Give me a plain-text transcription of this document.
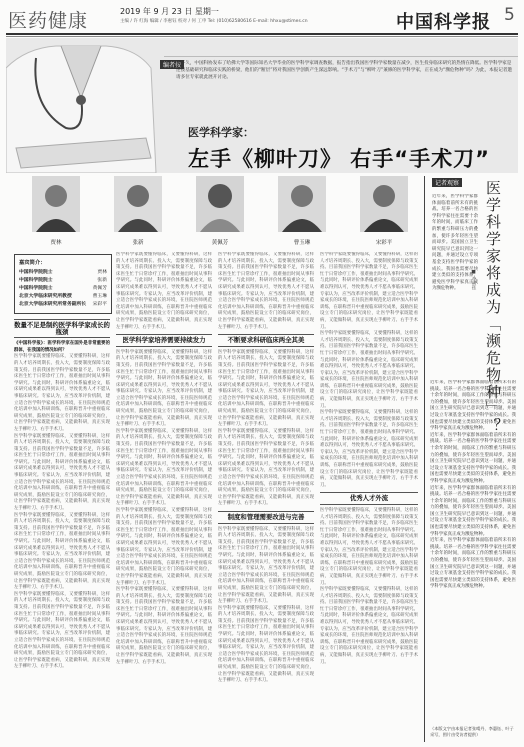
医药健康	2019 年 9 月 23 日 星期一
主编 / 许 红海 编辑 / 李惠钰 校对 / 何 工申 Tel: (010)62580616 E-mail: hhxu@stimes.cn	中国科学报 5
编者按
前不久，中国科协发布了哈佛大学等国际知名大学毕业的医学科学家调查数据，报告指出我国医学科学家数量在减少，医生投身临床研究的热情在降低。医学科学家是连接基础研究和临床实践的桥梁，他们的“断层”将对我国医学创新产生深远影响。“手术刀”与“柳叶刀”兼修的医学科学家，正在成为“濒危物种”吗？为此，本报记者邀请多位专家就此展开讨论。
医学科学家：
左手《柳叶刀》 右手“手术刀”
贾林	张新	黄佩芳	曹玉琳	宋彩平
嘉宾简介：
中国科学院院士	贾林
中国科学院院士	张新
中国科学院院士	黄佩芳
北京大学临床研究所教授	曹玉琳
北京大学临床研究所常务副所长 宋彩平
数量不足是制约医学科学家成长的瓶颈
《中国科学报》：医学科学家在国外是非常重要的群体，在我国的情况如何？
医学科学家既要懂得临床，又要懂得科研，这样的人才培养周期长、投入大，需要制度保障与政策支持。目前我国医学科学家数量不足，许多临床医生忙于日常诊疗工作，很难抽出时间从事科学研究。与此同时，科研评价体系偏重论文，临床研究成果难以得到认可，导致优秀人才不愿从事临床研究。专家认为，应当改革评价机制，建立适合医学科学家成长的环境，在住院医师规范化培训中加入科研训练，在职称晋升中重视临床研究成果，鼓励医院设立专门的临床研究岗位，让医学科学家既能看病，又能做科研，真正实现左手柳叶刀、右手手术刀。
医学科学家既要懂得临床，又要懂得科研，这样的人才培养周期长、投入大，需要制度保障与政策支持。目前我国医学科学家数量不足，许多临床医生忙于日常诊疗工作，很难抽出时间从事科学研究。与此同时，科研评价体系偏重论文，临床研究成果难以得到认可，导致优秀人才不愿从事临床研究。专家认为，应当改革评价机制，建立适合医学科学家成长的环境，在住院医师规范化培训中加入科研训练，在职称晋升中重视临床研究成果，鼓励医院设立专门的临床研究岗位，让医学科学家既能看病，又能做科研，真正实现左手柳叶刀、右手手术刀。
医学科学家既要懂得临床，又要懂得科研，这样的人才培养周期长、投入大，需要制度保障与政策支持。目前我国医学科学家数量不足，许多临床医生忙于日常诊疗工作，很难抽出时间从事科学研究。与此同时，科研评价体系偏重论文，临床研究成果难以得到认可，导致优秀人才不愿从事临床研究。专家认为，应当改革评价机制，建立适合医学科学家成长的环境，在住院医师规范化培训中加入科研训练，在职称晋升中重视临床研究成果，鼓励医院设立专门的临床研究岗位，让医学科学家既能看病，又能做科研，真正实现左手柳叶刀、右手手术刀。
医学科学家既要懂得临床，又要懂得科研，这样的人才培养周期长、投入大，需要制度保障与政策支持。目前我国医学科学家数量不足，许多临床医生忙于日常诊疗工作，很难抽出时间从事科学研究。与此同时，科研评价体系偏重论文，临床研究成果难以得到认可，导致优秀人才不愿从事临床研究。专家认为，应当改革评价机制，建立适合医学科学家成长的环境，在住院医师规范化培训中加入科研训练，在职称晋升中重视临床研究成果，鼓励医院设立专门的临床研究岗位，让医学科学家既能看病，又能做科研，真正实现左手柳叶刀、右手手术刀。
医学科学家既要懂得临床，又要懂得科研，这样的人才培养周期长、投入大，需要制度保障与政策支持。目前我国医学科学家数量不足，许多临床医生忙于日常诊疗工作，很难抽出时间从事科学研究。与此同时，科研评价体系偏重论文，临床研究成果难以得到认可，导致优秀人才不愿从事临床研究。专家认为，应当改革评价机制，建立适合医学科学家成长的环境，在住院医师规范化培训中加入科研训练，在职称晋升中重视临床研究成果，鼓励医院设立专门的临床研究岗位，让医学科学家既能看病，又能做科研，真正实现左手柳叶刀、右手手术刀。
医学科学家培养需要持续发力
医学科学家既要懂得临床，又要懂得科研，这样的人才培养周期长、投入大，需要制度保障与政策支持。目前我国医学科学家数量不足，许多临床医生忙于日常诊疗工作，很难抽出时间从事科学研究。与此同时，科研评价体系偏重论文，临床研究成果难以得到认可，导致优秀人才不愿从事临床研究。专家认为，应当改革评价机制，建立适合医学科学家成长的环境，在住院医师规范化培训中加入科研训练，在职称晋升中重视临床研究成果，鼓励医院设立专门的临床研究岗位，让医学科学家既能看病，又能做科研，真正实现左手柳叶刀、右手手术刀。
医学科学家既要懂得临床，又要懂得科研，这样的人才培养周期长、投入大，需要制度保障与政策支持。目前我国医学科学家数量不足，许多临床医生忙于日常诊疗工作，很难抽出时间从事科学研究。与此同时，科研评价体系偏重论文，临床研究成果难以得到认可，导致优秀人才不愿从事临床研究。专家认为，应当改革评价机制，建立适合医学科学家成长的环境，在住院医师规范化培训中加入科研训练，在职称晋升中重视临床研究成果，鼓励医院设立专门的临床研究岗位，让医学科学家既能看病，又能做科研，真正实现左手柳叶刀、右手手术刀。
医学科学家既要懂得临床，又要懂得科研，这样的人才培养周期长、投入大，需要制度保障与政策支持。目前我国医学科学家数量不足，许多临床医生忙于日常诊疗工作，很难抽出时间从事科学研究。与此同时，科研评价体系偏重论文，临床研究成果难以得到认可，导致优秀人才不愿从事临床研究。专家认为，应当改革评价机制，建立适合医学科学家成长的环境，在住院医师规范化培训中加入科研训练，在职称晋升中重视临床研究成果，鼓励医院设立专门的临床研究岗位，让医学科学家既能看病，又能做科研，真正实现左手柳叶刀、右手手术刀。
医学科学家既要懂得临床，又要懂得科研，这样的人才培养周期长、投入大，需要制度保障与政策支持。目前我国医学科学家数量不足，许多临床医生忙于日常诊疗工作，很难抽出时间从事科学研究。与此同时，科研评价体系偏重论文，临床研究成果难以得到认可，导致优秀人才不愿从事临床研究。专家认为，应当改革评价机制，建立适合医学科学家成长的环境，在住院医师规范化培训中加入科研训练，在职称晋升中重视临床研究成果，鼓励医院设立专门的临床研究岗位，让医学科学家既能看病，又能做科研，真正实现左手柳叶刀、右手手术刀。
医学科学家既要懂得临床，又要懂得科研，这样的人才培养周期长、投入大，需要制度保障与政策支持。目前我国医学科学家数量不足，许多临床医生忙于日常诊疗工作，很难抽出时间从事科学研究。与此同时，科研评价体系偏重论文，临床研究成果难以得到认可，导致优秀人才不愿从事临床研究。专家认为，应当改革评价机制，建立适合医学科学家成长的环境，在住院医师规范化培训中加入科研训练，在职称晋升中重视临床研究成果，鼓励医院设立专门的临床研究岗位，让医学科学家既能看病，又能做科研，真正实现左手柳叶刀、右手手术刀。
不断要求科研临床两全其美
医学科学家既要懂得临床，又要懂得科研，这样的人才培养周期长、投入大，需要制度保障与政策支持。目前我国医学科学家数量不足，许多临床医生忙于日常诊疗工作，很难抽出时间从事科学研究。与此同时，科研评价体系偏重论文，临床研究成果难以得到认可，导致优秀人才不愿从事临床研究。专家认为，应当改革评价机制，建立适合医学科学家成长的环境，在住院医师规范化培训中加入科研训练，在职称晋升中重视临床研究成果，鼓励医院设立专门的临床研究岗位，让医学科学家既能看病，又能做科研，真正实现左手柳叶刀、右手手术刀。
医学科学家既要懂得临床，又要懂得科研，这样的人才培养周期长、投入大，需要制度保障与政策支持。目前我国医学科学家数量不足，许多临床医生忙于日常诊疗工作，很难抽出时间从事科学研究。与此同时，科研评价体系偏重论文，临床研究成果难以得到认可，导致优秀人才不愿从事临床研究。专家认为，应当改革评价机制，建立适合医学科学家成长的环境，在住院医师规范化培训中加入科研训练，在职称晋升中重视临床研究成果，鼓励医院设立专门的临床研究岗位，让医学科学家既能看病，又能做科研，真正实现左手柳叶刀、右手手术刀。
制度和管理需要改进与完善
医学科学家既要懂得临床，又要懂得科研，这样的人才培养周期长、投入大，需要制度保障与政策支持。目前我国医学科学家数量不足，许多临床医生忙于日常诊疗工作，很难抽出时间从事科学研究。与此同时，科研评价体系偏重论文，临床研究成果难以得到认可，导致优秀人才不愿从事临床研究。专家认为，应当改革评价机制，建立适合医学科学家成长的环境，在住院医师规范化培训中加入科研训练，在职称晋升中重视临床研究成果，鼓励医院设立专门的临床研究岗位，让医学科学家既能看病，又能做科研，真正实现左手柳叶刀、右手手术刀。
医学科学家既要懂得临床，又要懂得科研，这样的人才培养周期长、投入大，需要制度保障与政策支持。目前我国医学科学家数量不足，许多临床医生忙于日常诊疗工作，很难抽出时间从事科学研究。与此同时，科研评价体系偏重论文，临床研究成果难以得到认可，导致优秀人才不愿从事临床研究。专家认为，应当改革评价机制，建立适合医学科学家成长的环境，在住院医师规范化培训中加入科研训练，在职称晋升中重视临床研究成果，鼓励医院设立专门的临床研究岗位，让医学科学家既能看病，又能做科研，真正实现左手柳叶刀、右手手术刀。
医学科学家既要懂得临床，又要懂得科研，这样的人才培养周期长、投入大，需要制度保障与政策支持。目前我国医学科学家数量不足，许多临床医生忙于日常诊疗工作，很难抽出时间从事科学研究。与此同时，科研评价体系偏重论文，临床研究成果难以得到认可，导致优秀人才不愿从事临床研究。专家认为，应当改革评价机制，建立适合医学科学家成长的环境，在住院医师规范化培训中加入科研训练，在职称晋升中重视临床研究成果，鼓励医院设立专门的临床研究岗位，让医学科学家既能看病，又能做科研，真正实现左手柳叶刀、右手手术刀。
医学科学家既要懂得临床，又要懂得科研，这样的人才培养周期长、投入大，需要制度保障与政策支持。目前我国医学科学家数量不足，许多临床医生忙于日常诊疗工作，很难抽出时间从事科学研究。与此同时，科研评价体系偏重论文，临床研究成果难以得到认可，导致优秀人才不愿从事临床研究。专家认为，应当改革评价机制，建立适合医学科学家成长的环境，在住院医师规范化培训中加入科研训练，在职称晋升中重视临床研究成果，鼓励医院设立专门的临床研究岗位，让医学科学家既能看病，又能做科研，真正实现左手柳叶刀、右手手术刀。
医学科学家既要懂得临床，又要懂得科研，这样的人才培养周期长、投入大，需要制度保障与政策支持。目前我国医学科学家数量不足，许多临床医生忙于日常诊疗工作，很难抽出时间从事科学研究。与此同时，科研评价体系偏重论文，临床研究成果难以得到认可，导致优秀人才不愿从事临床研究。专家认为，应当改革评价机制，建立适合医学科学家成长的环境，在住院医师规范化培训中加入科研训练，在职称晋升中重视临床研究成果，鼓励医院设立专门的临床研究岗位，让医学科学家既能看病，又能做科研，真正实现左手柳叶刀、右手手术刀。
优秀人才外流
医学科学家既要懂得临床，又要懂得科研，这样的人才培养周期长、投入大，需要制度保障与政策支持。目前我国医学科学家数量不足，许多临床医生忙于日常诊疗工作，很难抽出时间从事科学研究。与此同时，科研评价体系偏重论文，临床研究成果难以得到认可，导致优秀人才不愿从事临床研究。专家认为，应当改革评价机制，建立适合医学科学家成长的环境，在住院医师规范化培训中加入科研训练，在职称晋升中重视临床研究成果，鼓励医院设立专门的临床研究岗位，让医学科学家既能看病，又能做科研，真正实现左手柳叶刀、右手手术刀。
医学科学家既要懂得临床，又要懂得科研，这样的人才培养周期长、投入大，需要制度保障与政策支持。目前我国医学科学家数量不足，许多临床医生忙于日常诊疗工作，很难抽出时间从事科学研究。与此同时，科研评价体系偏重论文，临床研究成果难以得到认可，导致优秀人才不愿从事临床研究。专家认为，应当改革评价机制，建立适合医学科学家成长的环境，在住院医师规范化培训中加入科研训练，在职称晋升中重视临床研究成果，鼓励医院设立专门的临床研究岗位，让医学科学家既能看病，又能做科研，真正实现左手柳叶刀、右手手术刀。
记者观察 医学科学家将成为「濒危物种」？
■ 李惠钰
近年来，医学科学家群体面临着前所未有的挑战。培养一名合格的医学科学家往往需要十余年的时间，而临床工作的繁重与科研压力的叠加，使许多年轻医生望而却步。美国国立卫生研究院早已意识到这一问题，并通过设立专项基金支持医学科学家的成长。我国也需要尽快建立类似的支持体系，避免医学科学家真正成为濒危物种。
近年来，医学科学家群体面临着前所未有的挑战。培养一名合格的医学科学家往往需要十余年的时间，而临床工作的繁重与科研压力的叠加，使许多年轻医生望而却步。美国国立卫生研究院早已意识到这一问题，并通过设立专项基金支持医学科学家的成长。我国也需要尽快建立类似的支持体系，避免医学科学家真正成为濒危物种。
近年来，医学科学家群体面临着前所未有的挑战。培养一名合格的医学科学家往往需要十余年的时间，而临床工作的繁重与科研压力的叠加，使许多年轻医生望而却步。美国国立卫生研究院早已意识到这一问题，并通过设立专项基金支持医学科学家的成长。我国也需要尽快建立类似的支持体系，避免医学科学家真正成为濒危物种。
近年来，医学科学家群体面临着前所未有的挑战。培养一名合格的医学科学家往往需要十余年的时间，而临床工作的繁重与科研压力的叠加，使许多年轻医生望而却步。美国国立卫生研究院早已意识到这一问题，并通过设立专项基金支持医学科学家的成长。我国也需要尽快建立类似的支持体系，避免医学科学家真正成为濒危物种。
近年来，医学科学家群体面临着前所未有的挑战。培养一名合格的医学科学家往往需要十余年的时间，而临床工作的繁重与科研压力的叠加，使许多年轻医生望而却步。美国国立卫生研究院早已意识到这一问题，并通过设立专项基金支持医学科学家的成长。我国也需要尽快建立类似的支持体系，避免医学科学家真正成为濒危物种。
（本版文字由本报记者张晴丹、李惠钰、叶子采写，图片由受访者提供）
